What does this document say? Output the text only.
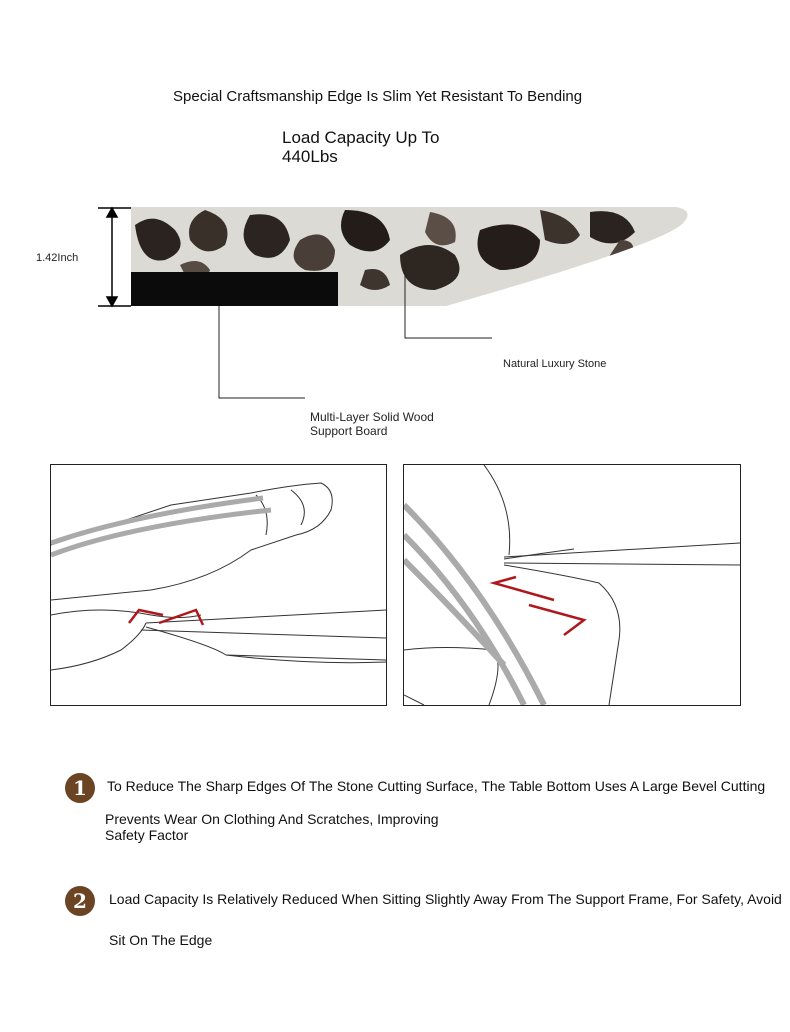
Special Craftsmanship Edge Is Slim Yet Resistant To Bending
Load Capacity Up To
440Lbs
1.42Inch
Natural Luxury Stone
Multi-Layer Solid Wood
Support Board
1	To Reduce The Sharp Edges Of The Stone Cutting Surface, The Table Bottom Uses A Large Bevel Cutting
Prevents Wear On Clothing And Scratches, Improving
Safety Factor
2	Load Capacity Is Relatively Reduced When Sitting Slightly Away From The Support Frame, For Safety, Avoid
Sit On The Edge
